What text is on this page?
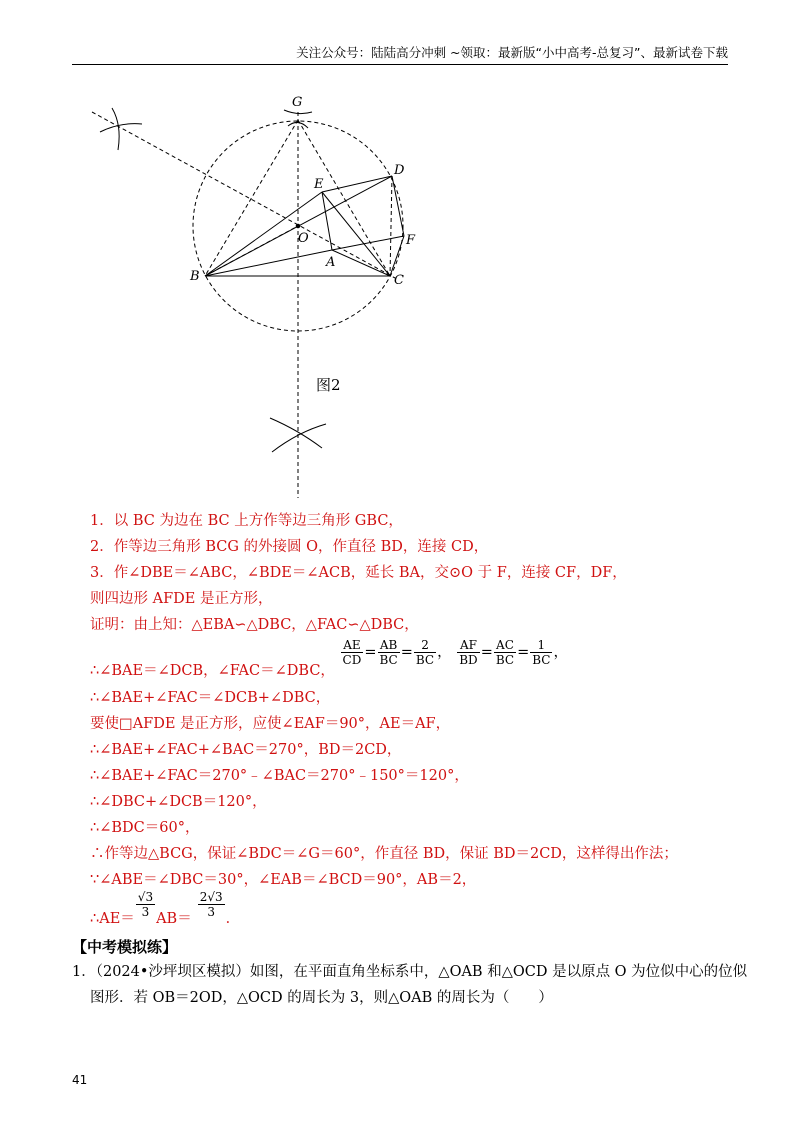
关注公众号：陆陆高分冲刺 ~领取：最新版“小中高考-总复习”、最新试卷下载
G
E
D
O	F
A
B	C
图2
1．以 BC 为边在 BC 上方作等边三角形 GBC，
2．作等边三角形 BCG 的外接圆 O，作直径 BD，连接 CD，
3．作∠DBE＝∠ABC，∠BDE＝∠ACB，延长 BA，交⊙O 于 F，连接 CF，DF，
则四边形 AFDE 是正方形，
证明：由上知：△EBA∽△DBC，△FAC∽△DBC，
∴∠BAE＝∠DCB，∠FAC＝∠DBC，
$\frac{AE}{CD} = \frac{AB}{BC} = \frac{2}{BC}$ ， $\frac{AF}{BD} = \frac{AC}{BC} = \frac{1}{BC}$ ，
∴∠BAE+∠FAC＝∠DCB+∠DBC，
要使□AFDE 是正方形，应使∠EAF＝90°，AE＝AF，
∴∠BAE+∠FAC+∠BAC＝270°，BD＝2CD，
∴∠BAE+∠FAC＝270°﹣∠BAC＝270°﹣150°＝120°，
∴∠DBC+∠DCB＝120°，
∴∠BDC＝60°，
∴作等边△BCG，保证∠BDC＝∠G＝60°，作直径 BD，保证 BD＝2CD，这样得出作法；
∵∠ABE＝∠DBC＝30°，∠EAB＝∠BCD＝90°，AB＝2，
∴AE＝ $\frac{√3}{3} AB= \frac{2√3}{3}$ ．
【中考模拟练】
1．（2024•沙坪坝区模拟）如图，在平面直角坐标系中，△OAB 和△OCD 是以原点 O 为位似中心的位似
图形．若 OB＝2OD，△OCD 的周长为 3，则△OAB 的周长为（　　）
41
